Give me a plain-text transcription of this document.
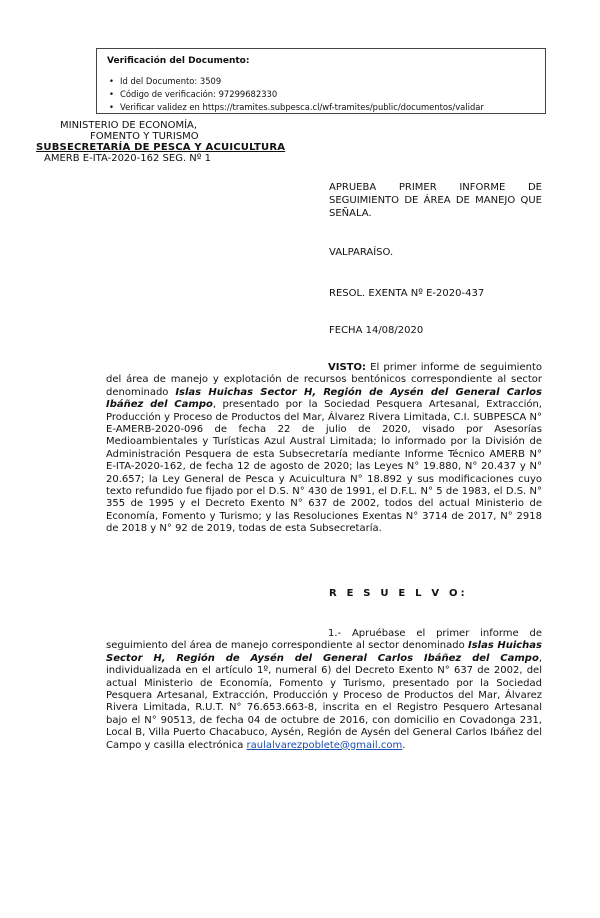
Verificación del Documento:
• Id del Documento: 3509
• Código de verificación: 97299682330
• Verificar validez en https://tramites.subpesca.cl/wf-tramites/public/documentos/validar
MINISTERIO DE ECONOMÍA,
FOMENTO Y TURISMO
SUBSECRETARÍA DE PESCA Y ACUICULTURA
AMERB E-ITA-2020-162 SEG. Nº 1
APRUEBA PRIMER INFORME DE SEGUIMIENTO DE ÁREA DE MANEJO QUE SEÑALA.
VALPARAÍSO.
RESOL. EXENTA Nº E-2020-437
FECHA 14/08/2020
VISTO: El primer informe de seguimiento del área de manejo y explotación de recursos bentónicos correspondiente al sector denominado Islas Huichas Sector H, Región de Aysén del General Carlos Ibáñez del Campo, presentado por la Sociedad Pesquera Artesanal, Extracción, Producción y Proceso de Productos del Mar, Álvarez Rivera Limitada, C.I. SUBPESCA N° E-AMERB-2020-096 de fecha 22 de julio de 2020, visado por Asesorías Medioambientales y Turísticas Azul Austral Limitada; lo informado por la División de Administración Pesquera de esta Subsecretaría mediante Informe Técnico AMERB N° E-ITA-2020-162, de fecha 12 de agosto de 2020; las Leyes N° 19.880, N° 20.437 y N° 20.657; la Ley General de Pesca y Acuicultura N° 18.892 y sus modificaciones cuyo texto refundido fue fijado por el D.S. N° 430 de 1991, el D.F.L. N° 5 de 1983, el D.S. N° 355 de 1995 y el Decreto Exento N° 637 de 2002, todos del actual Ministerio de Economía, Fomento y Turismo; y las Resoluciones Exentas N° 3714 de 2017, N° 2918 de 2018 y N° 92 de 2019, todas de esta Subsecretaría.
R E S U E L V O:
1.- Apruébase el primer informe de seguimiento del área de manejo correspondiente al sector denominado Islas Huichas Sector H, Región de Aysén del General Carlos Ibáñez del Campo, individualizada en el artículo 1º, numeral 6) del Decreto Exento N° 637 de 2002, del actual Ministerio de Economía, Fomento y Turismo, presentado por la Sociedad Pesquera Artesanal, Extracción, Producción y Proceso de Productos del Mar, Álvarez Rivera Limitada, R.U.T. N° 76.653.663-8, inscrita en el Registro Pesquero Artesanal bajo el N° 90513, de fecha 04 de octubre de 2016, con domicilio en Covadonga 231, Local B, Villa Puerto Chacabuco, Aysén, Región de Aysén del General Carlos Ibáñez del Campo y casilla electrónica raulalvarezpoblete@gmail.com.
